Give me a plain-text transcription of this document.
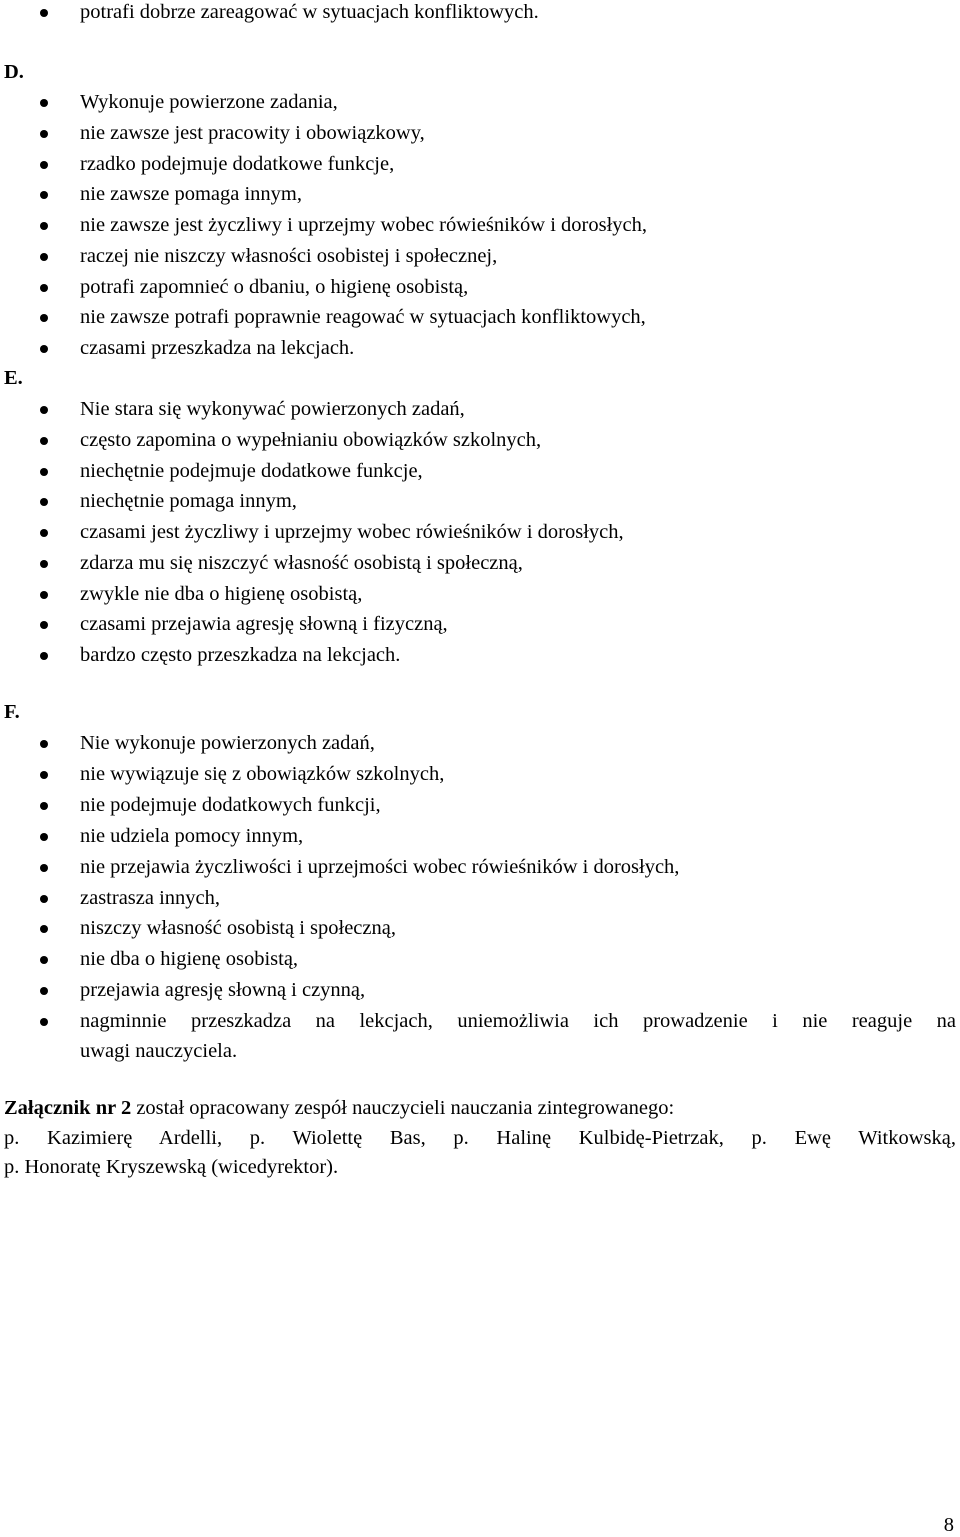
potrafi dobrze zareagować w sytuacjach konfliktowych.
D.
Wykonuje powierzone zadania,
nie zawsze jest pracowity i obowiązkowy,
rzadko podejmuje dodatkowe funkcje,
nie zawsze pomaga innym,
nie zawsze jest życzliwy i uprzejmy wobec rówieśników i dorosłych,
raczej nie niszczy własności osobistej i społecznej,
potrafi zapomnieć o dbaniu, o higienę osobistą,
nie zawsze potrafi poprawnie reagować w sytuacjach konfliktowych,
czasami przeszkadza na lekcjach.
E.
Nie stara się wykonywać powierzonych zadań,
często zapomina o wypełnianiu obowiązków szkolnych,
niechętnie podejmuje dodatkowe funkcje,
niechętnie pomaga innym,
czasami jest życzliwy i uprzejmy wobec rówieśników i dorosłych,
zdarza mu się niszczyć własność osobistą i społeczną,
zwykle nie dba o higienę osobistą,
czasami przejawia agresję słowną i fizyczną,
bardzo często przeszkadza na lekcjach.
F.
Nie wykonuje powierzonych zadań,
nie wywiązuje się z obowiązków szkolnych,
nie podejmuje dodatkowych funkcji,
nie udziela pomocy innym,
nie przejawia życzliwości i uprzejmości wobec rówieśników i dorosłych,
zastrasza innych,
niszczy własność osobistą i społeczną,
nie dba o higienę osobistą,
przejawia agresję słowną i czynną,
nagminnie przeszkadza na lekcjach, uniemożliwia ich prowadzenie i nie reaguje na
uwagi nauczyciela.
Załącznik nr 2 został opracowany zespół nauczycieli nauczania zintegrowanego:
p. Kazimierę Ardelli, p. Wiolettę Bas, p. Halinę Kulbidę-Pietrzak, p. Ewę Witkowską,
p. Honoratę Kryszewską (wicedyrektor).
8
